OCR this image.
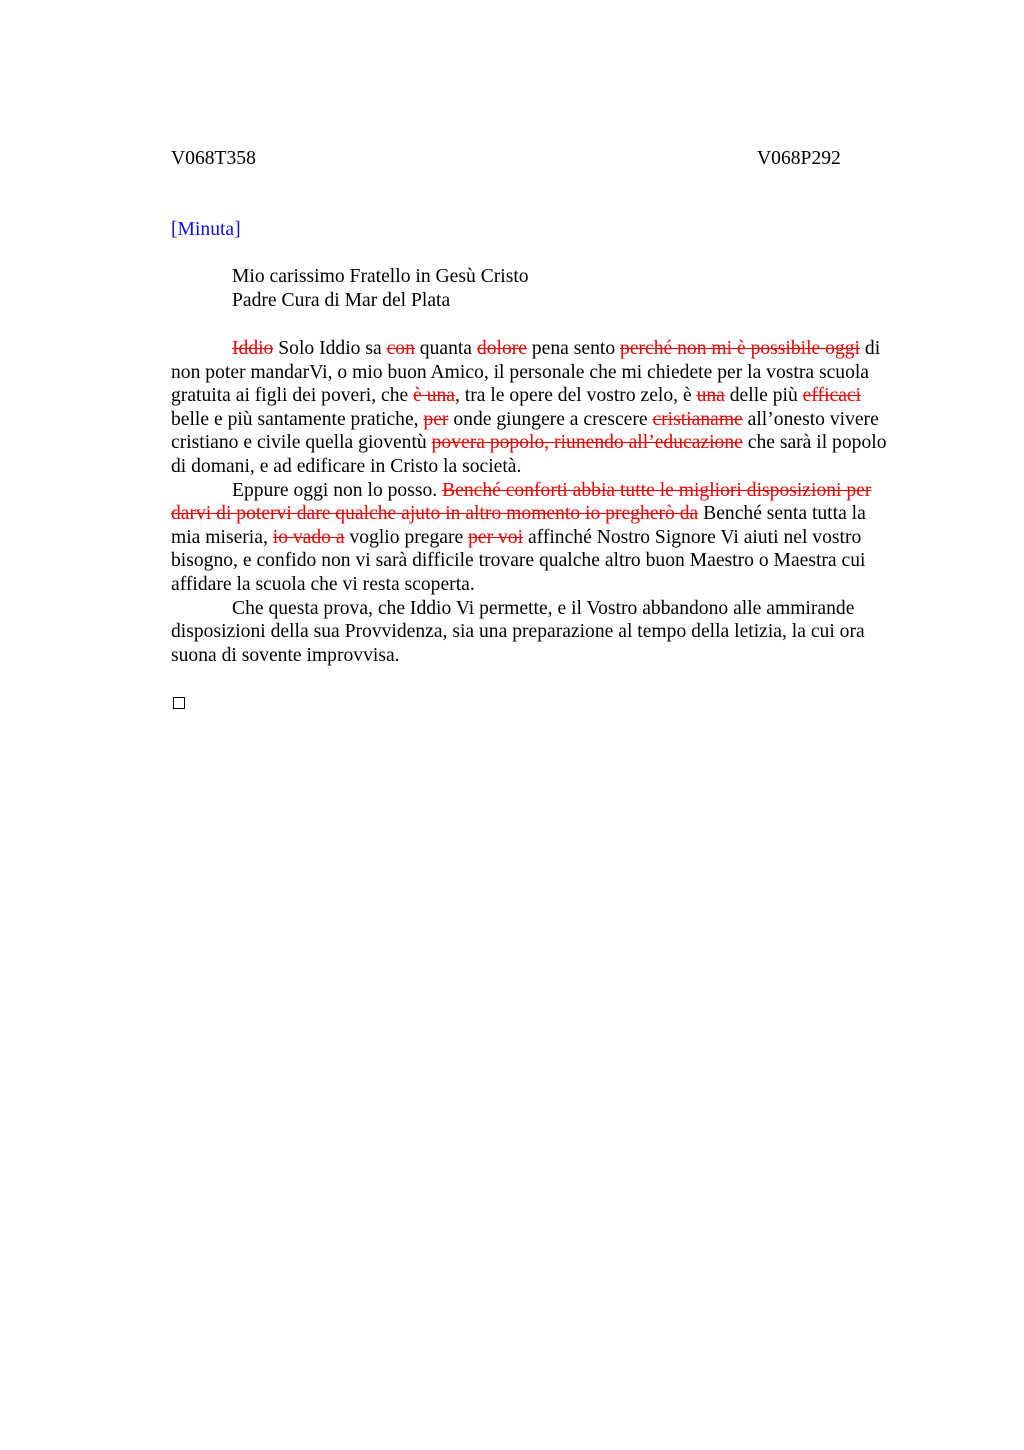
V068T358	V068P292
[Minuta]
Mio carissimo Fratello in Gesù Cristo
Padre Cura di Mar del Plata
Iddio Solo Iddio sa con quanta dolore pena sento perché non mi è possibile oggi di
non poter mandarVi, o mio buon Amico, il personale che mi chiedete per la vostra scuola
gratuita ai figli dei poveri, che è una, tra le opere del vostro zelo, è una delle più efficaci
belle e più santamente pratiche, per onde giungere a crescere cristianame all’onesto vivere
cristiano e civile quella gioventù povera popolo, riunendo all’educazione che sarà il popolo
di domani, e ad edificare in Cristo la società.
Eppure oggi non lo posso. Benché conforti abbia tutte le migliori disposizioni per
darvi di potervi dare qualche ajuto in altro momento io pregherò da Benché senta tutta la
mia miseria, io vado a voglio pregare per voi affinché Nostro Signore Vi aiuti nel vostro
bisogno, e confido non vi sarà difficile trovare qualche altro buon Maestro o Maestra cui
affidare la scuola che vi resta scoperta.
Che questa prova, che Iddio Vi permette, e il Vostro abbandono alle ammirande
disposizioni della sua Provvidenza, sia una preparazione al tempo della letizia, la cui ora
suona di sovente improvvisa.
